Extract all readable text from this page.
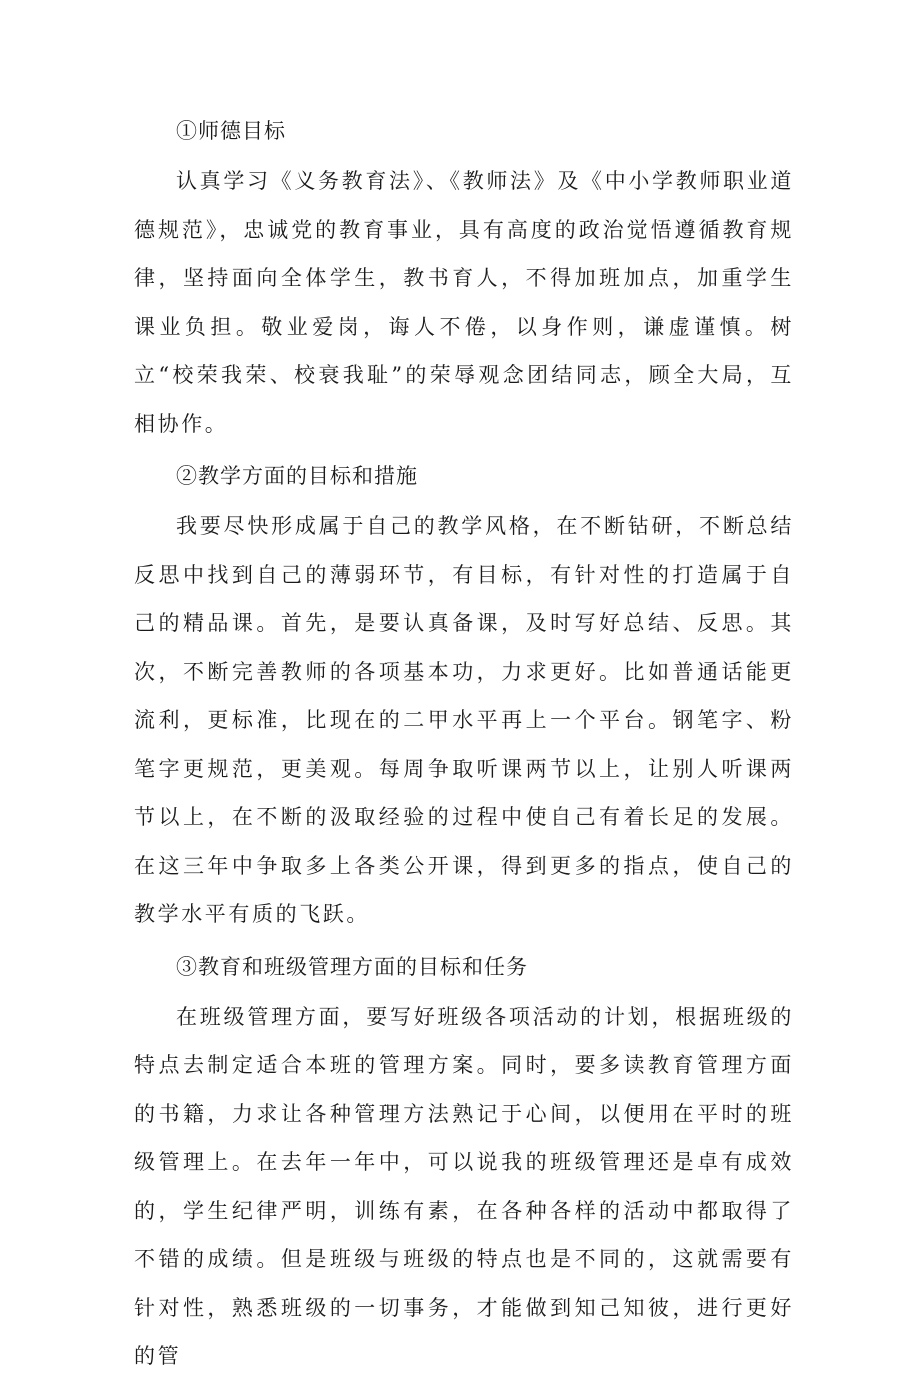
①师德目标

认真学习《义务教育法》、《教师法》及《中小学教师职业道德规范》，忠诚党的教育事业，具有高度的政治觉悟遵循教育规律，坚持面向全体学生，教书育人，不得加班加点，加重学生课业负担。敬业爱岗，诲人不倦，以身作则，谦虚谨慎。树立“校荣我荣、校衰我耻”的荣辱观念团结同志，顾全大局，互相协作。

②教学方面的目标和措施

我要尽快形成属于自己的教学风格，在不断钻研，不断总结反思中找到自己的薄弱环节，有目标，有针对性的打造属于自己的精品课。首先，是要认真备课，及时写好总结、反思。其次，不断完善教师的各项基本功，力求更好。比如普通话能更流利，更标准，比现在的二甲水平再上一个平台。钢笔字、粉笔字更规范，更美观。每周争取听课两节以上，让别人听课两节以上，在不断的汲取经验的过程中使自己有着长足的发展。在这三年中争取多上各类公开课，得到更多的指点，使自己的教学水平有质的飞跃。

③教育和班级管理方面的目标和任务

在班级管理方面，要写好班级各项活动的计划，根据班级的特点去制定适合本班的管理方案。同时，要多读教育管理方面的书籍，力求让各种管理方法熟记于心间，以便用在平时的班级管理上。在去年一年中，可以说我的班级管理还是卓有成效的，学生纪律严明，训练有素，在各种各样的活动中都取得了不错的成绩。但是班级与班级的特点也是不同的，这就需要有针对性，熟悉班级的一切事务，才能做到知己知彼，进行更好的管
